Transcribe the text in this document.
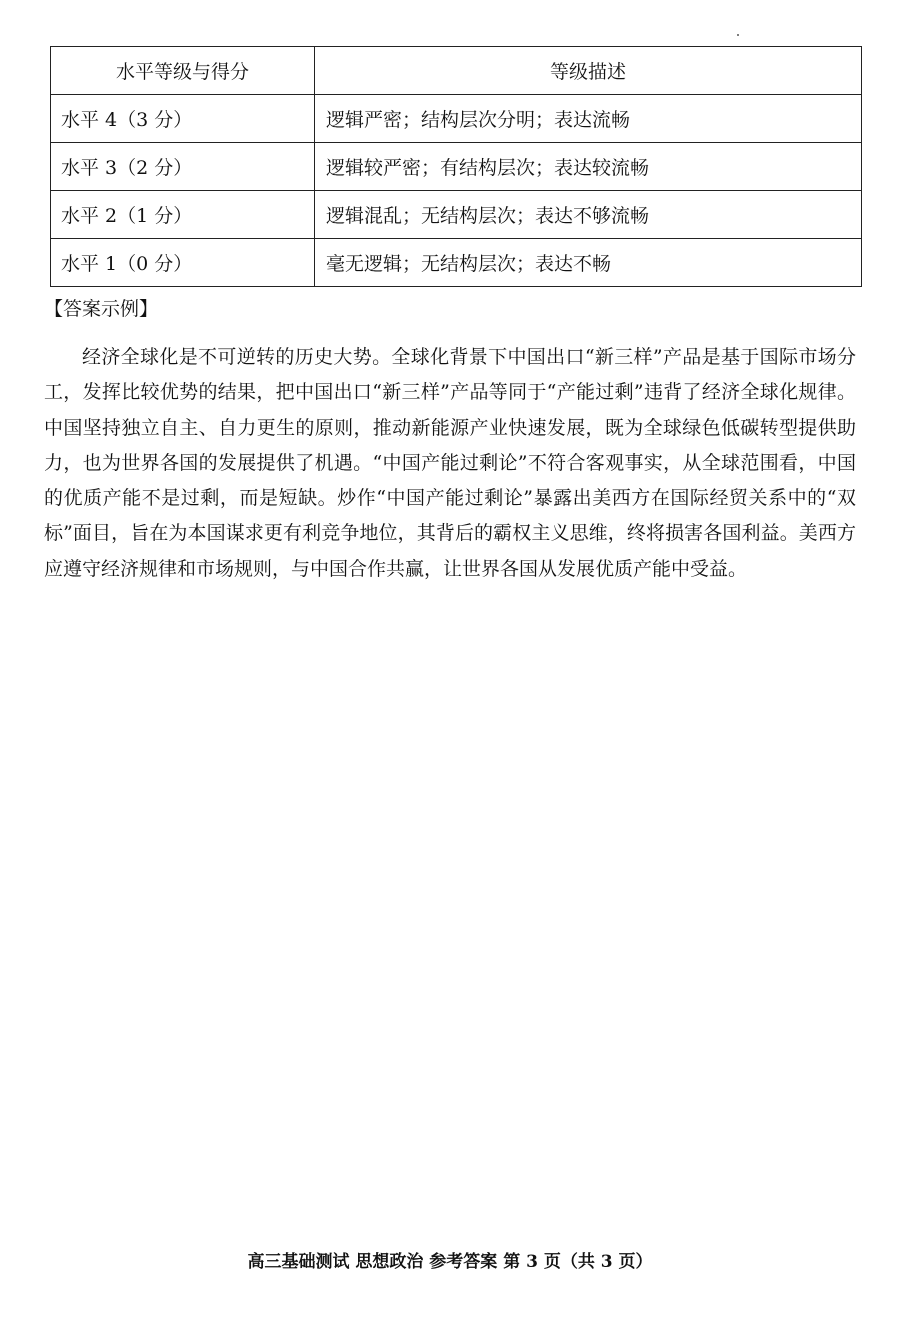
水平等级与得分	等级描述
水平 4（3 分）	逻辑严密；结构层次分明；表达流畅
水平 3（2 分）	逻辑较严密；有结构层次；表达较流畅
水平 2（1 分）	逻辑混乱；无结构层次；表达不够流畅
水平 1（0 分）	毫无逻辑；无结构层次；表达不畅
【答案示例】

经济全球化是不可逆转的历史大势。全球化背景下中国出口“新三样”产品是基于国际市场分工，发挥比较优势的结果，把中国出口“新三样”产品等同于“产能过剩”违背了经济全球化规律。中国坚持独立自主、自力更生的原则，推动新能源产业快速发展，既为全球绿色低碳转型提供助力，也为世界各国的发展提供了机遇。“中国产能过剩论”不符合客观事实，从全球范围看，中国的优质产能不是过剩，而是短缺。炒作“中国产能过剩论”暴露出美西方在国际经贸关系中的“双标”面目，旨在为本国谋求更有利竞争地位，其背后的霸权主义思维，终将损害各国利益。美西方应遵守经济规律和市场规则，与中国合作共赢，让世界各国从发展优质产能中受益。

高三基础测试 思想政治 参考答案 第 3 页（共 3 页）
